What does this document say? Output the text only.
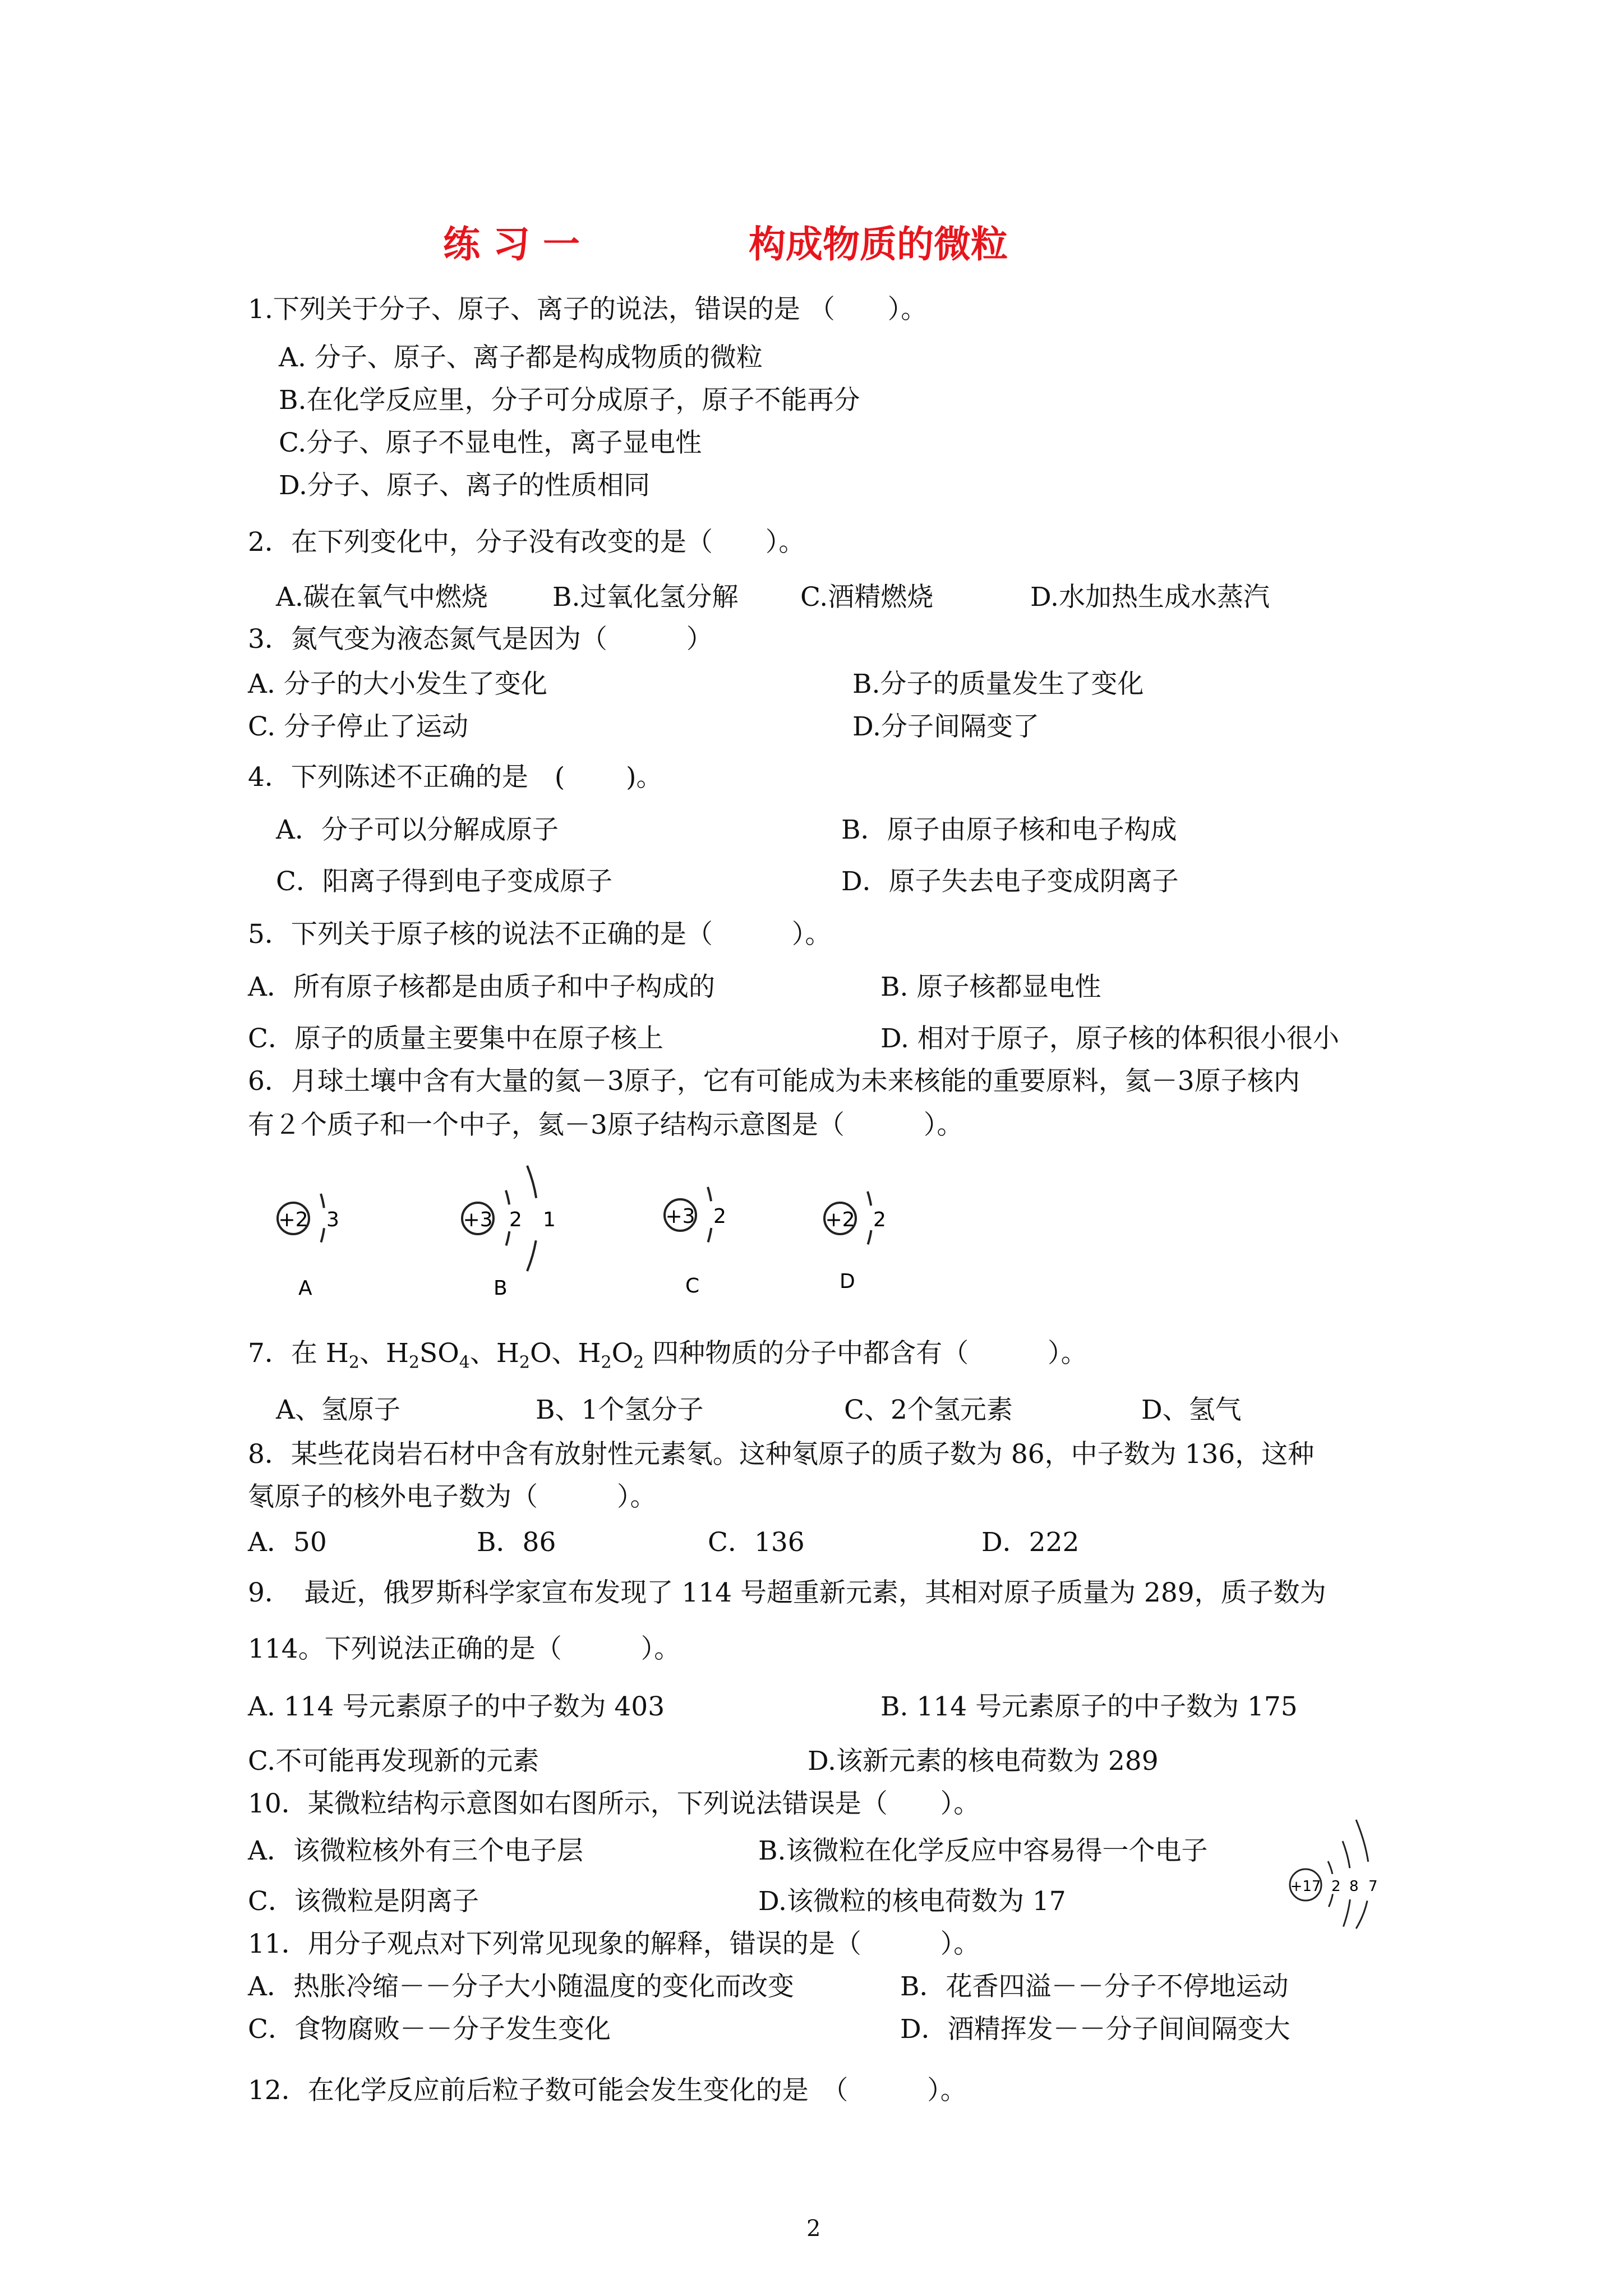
练 习 一	构成物质的微粒
1.下列关于分子、原子、离子的说法，错误的是 （　　）。
A. 分子、原子、离子都是构成物质的微粒
B.在化学反应里，分子可分成原子，原子不能再分
C.分子、原子不显电性，离子显电性
D.分子、原子、离子的性质相同
2．在下列变化中，分子没有改变的是（　　）。
A.碳在氧气中燃烧 B.过氧化氢分解 C.酒精燃烧	D.水加热生成水蒸汽
3．氮气变为液态氮气是因为（　　　）
A. 分子的大小发生了变化	B.分子的质量发生了变化
C. 分子停止了运动	D.分子间隔变了
4．下列陈述不正确的是　(　　 )。
A．分子可以分解成原子	B．原子由原子核和电子构成
C．阳离子得到电子变成原子	D．原子失去电子变成阴离子
5．下列关于原子核的说法不正确的是（　　　）。
A．所有原子核都是由质子和中子构成的	B. 原子核都显电性
C．原子的质量主要集中在原子核上	D. 相对于原子，原子核的体积很小很小
6．月球土壤中含有大量的氦－3原子，它有可能成为未来核能的重要原料，氦－3原子核内
有２个质子和一个中子，氦－3原子结构示意图是（　　　）。
+2 3
A
+3 2 1
B
+3 2
C
+2 2
D
7．在 $H_2$、$H_2SO_4$、$H_2O$、$H_2O_2$ 四种物质的分子中都含有（　　　）。
A、氢原子	B、1个氢分子	C、2个氢元素	D、氢气
8．某些花岗岩石材中含有放射性元素氡。这种氡原子的质子数为 86，中子数为 136，这种
氡原子的核外电子数为（　　　）。
A．50	B．86	C．136	D．222
9．　最近，俄罗斯科学家宣布发现了 114 号超重新元素，其相对原子质量为 289，质子数为
114。下列说法正确的是（　　　）。
A. 114 号元素原子的中子数为 403	B. 114 号元素原子的中子数为 175
C.不可能再发现新的元素	D.该新元素的核电荷数为 289
10．某微粒结构示意图如右图所示，下列说法错误是（　　）。
A．该微粒核外有三个电子层	B.该微粒在化学反应中容易得一个电子
C．该微粒是阴离子	D.该微粒的核电荷数为 17	+17 2 8 7
11．用分子观点对下列常见现象的解释，错误的是（　　　）。
A．热胀冷缩－－分子大小随温度的变化而改变	B．花香四溢－－分子不停地运动
C．食物腐败－－分子发生变化	D．酒精挥发－－分子间间隔变大
12．在化学反应前后粒子数可能会发生变化的是　（　　　）。
2
